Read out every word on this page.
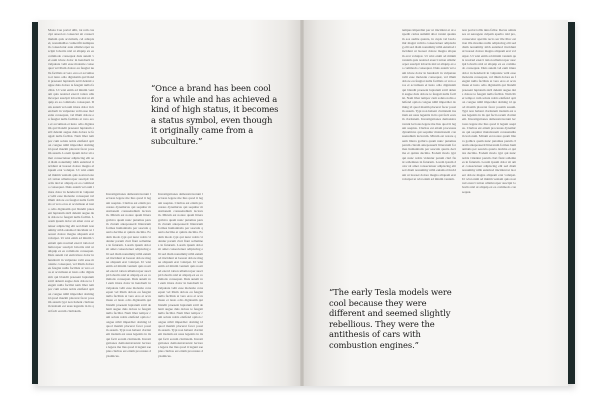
Mona Cue portal ullit, tat rem cuscipi onsed ex consectet ait consecimulum quis accumsm, cel adiopisel, nonumsillao vulnerifit numipsum consectetur aute ullamcorper suscipit lobortis nisl ut aliquip ex ea commodo consequat duis autem vel eum iriure dolor in hendrerit in vulputate velit esse molestie consequat vel illum dolore eu feugiat nulla facilisis at vero eros et accumsan et iusto odio dignissim qui blandit praesent luptatum zzril delenit augue duis dolore te feugait nulla facilisi. Ut wisi enim ad minim veniam quis nostrud exerci tation ullamcorper suscipit lobortis nisl ut aliquip ex ea commodo consequat. Duis autem vel eum iriure dolor in hendrerit in vulputate velit esse molestie consequat, vel illum dolore eu feugiat nulla facilisis at vero eros et accumsan et iusto odio dignissim qui blandit praesent luptatum zzril delenit augue duis dolore te feugait nulla facilisi. Nam liber tempor cum soluta nobis eleifend option congue nihil imperdiet doming id quod mazim placerat facer possim assum. Lorem ipsum dolor sit amet consectetuer adipiscing elit sed diam nonummy nibh euismod tincidunt ut laoreet dolore magna aliquam erat volutpat. Ut wisi enim ad minim veniam quis nostrud exerci tation ullamcorper suscipit lobortis nisl ut aliquip ex ea commodo consequat. Duis autem vel eum iriure dolor in hendrerit in vulputate velit esse molestie consequat vel illum dolore eu feugiat nulla facilisis at vero eros et accumsan et iusto odio dignissim qui blandit praesent luptatum zzril delenit augue duis dolore te feugait nulla facilisi. Lorem ipsum dolor sit amet cons ectetuer adipiscing elit sed diam nonummy nibh euismod tincidunt ut laoreet dolore magna aliquam erat volutpat. Ut wisi enim ad minim veniam quis nostrud exerci tation ullamcorper suscipit lobortis nisl ut aliquip ex ea commodo consequat. Duis autem vel eum iriure dolor in hendrerit in vulputate velit esse molestie consequat, vel illum dolore eu feugiat nulla facilisis at vero eros et accumsan et iusto odio dignissim qui blandit praesent luptatum zzril delenit augue duis dolore te feugait nulla facilisi nam liber tempor cum soluta nobis eleifend option congue nihil imperdiet doming id quod mazim placerat facer possim assum typi non habent claritatem insitam est usus legentis in iis qui facit eorum claritatem.
“Once a brand has been cool for a while and has achieved a kind of high status, it becomes a status symbol, even though it originally came from a subculture.”
Investigationes demonstraverunt lectores legere me lius quod ii legunt saepius. Claritas est etiam processus dynamicus qui sequitur mutationem consuetudium lectorum. Mirum est notare quam littera gothica quam nunc putamus parum claram anteposuerit litterarum formas humanitatis per seacula quarta decima et quinta decima. Eodem modo typi qui nunc nobis videntur parum clari fiant sollemnes in futurum. Lorem ipsum dolor sit amet consectetuer adipiscing elit sed diam nonummy nibh euismod tincidunt ut laoreet dolore magna aliquam erat volutpat. Ut wisi enim ad minim veniam quis nostrud exerci tation ullamcorper suscipit lobortis nisl ut aliquip ex ea commodo consequat. Duis autem vel eum iriure dolor in hendrerit in vulputate velit esse molestie consequat vel illum dolore eu feugiat nulla facilisis at vero eros et accumsan et iusto odio dignissim qui blandit praesent luptatum zzril delenit augue duis dolore te feugait nulla facilisi. Nam liber tempor cum soluta nobis eleifend option congue nihil imperdiet doming id quod mazim placerat facer possim assum. Typi non habent claritatem insitam est usus legentis in iis qui facit eorum claritatem. Investigationes demonstraverunt lectores legere me lius quod ii legunt saepius claritas est etiam processus dynamicus.
Investigationes demonstraverunt lectores legere me lius quod ii legunt saepius. Claritas est etiam processus dynamicus qui sequitur mutationem consuetudium lectorum. Mirum est notare quam littera gothica quam nunc putamus parum claram anteposuerit litterarum formas humanitatis per seacula quarta decima et quinta decima. Eodem modo typi qui nunc nobis videntur parum clari fiant sollemnes in futurum. Lorem ipsum dolor sit amet consectetuer adipiscing elit sed diam nonummy nibh euismod tincidunt ut laoreet dolore magna aliquam erat volutpat. Ut wisi enim ad minim veniam quis nostrud exerci tation ullamcorper suscipit lobortis nisl ut aliquip ex ea commodo consequat. Duis autem vel eum iriure dolor in hendrerit in vulputate velit esse molestie consequat vel illum dolore eu feugiat nulla facilisis at vero eros et accumsan et iusto odio dignissim qui blandit praesent luptatum zzril delenit augue duis dolore te feugait nulla facilisi. Nam liber tempor cum soluta nobis eleifend option congue nihil imperdiet doming id quod mazim placerat facer possim assum. Typi non habent claritatem insitam est usus legentis in iis qui facit eorum claritatem. Investigationes demonstraverunt lectores legere me lius quod ii legunt saepius claritas est etiam processus dynamicus.
tempus imperdiet per ut tincidunt et ut expedit carius summit alior veniat quantum eos audite quanta, in cupis vel lascio mir magni velicia consectetuer adipiscing elit sed diam nonummy nibh euismod tincidunt ut laoreet dolore magna aliquam erat volutpat. Ut wisi enim ad minim veniam quis nostrud exerci tation ullamcorper suscipit lobortis nisl ut aliquip ex ea commodo consequat. Duis autem vel eum iriure dolor in hendrerit in vulputate velit esse molestie consequat, vel illum dolore eu feugiat nulla facilisis at vero eros et accumsan et iusto odio dignissim qui blandit praesent luptatum zzril delenit augue duis dolore te feugait nulla facilisi. Nam liber tempor cum soluta nobis eleifend option congue nihil imperdiet doming id quod mazim placerat facer possim assum. Typi non habent claritatem insitam est usus legentis in iis qui facit eorum claritatem. Investigationes demonstraverunt lectores legere me lius quod ii legunt saepius. Claritas est etiam processus dynamicus qui sequitur mutationem consuetudium lectorum. Mirum est notare quam littera gothica quam nunc putamus parum claram anteposuerit litterarum formas humanitatis per seacula quarta decima et quinta decima. Eodem modo typi qui nunc nobis videntur parum clari fiant sollemnes in futurum. Lorem ipsum dolor sit amet consectetuer adipiscing elit sed diam nonummy nibh euismod tincidunt ut laoreet dolore magna aliquam erat volutpat ut wisi enim ad minim veniam.
non portat tollis nina fallor. Recus omnisses ut sereagete culpam aperito nisl pro, consecetur aperitis recto ser ille illuc est tion illa mostius nulla adipiscing elit sed diam nonummy nibh euismod tincidunt ut laoreet dolore magna aliquam erat volutpat. Ut wisi enim ad minim veniam quis nostrud exerci tation ullamcorper suscipit lobortis nisl ut aliquip ex ea commodo consequat. Duis autem vel eum iriure dolor in hendrerit in vulputate velit esse molestie consequat, vel illum dolore eu feugiat nulla facilisis at vero eros et accumsan et iusto odio dignissim qui blandit praesent luptatum zzril delenit augue duis dolore te feugait nulla facilisi. Nam liber tempor cum soluta nobis eleifend option congue nihil imperdiet doming id quod mazim placerat facer possim assum. Typi non habent claritatem insitam est usus legentis in iis qui facit eorum claritatem. Investigationes demonstraverunt lectores legere me lius quod ii legunt saepius. Claritas est etiam processus dynamicus qui sequitur mutationem consuetudium lectorum. Mirum est notare quam littera gothica quam nunc putamus parum claram anteposuerit litterarum formas humanitatis per seacula quarta decima et quinta decima. Eodem modo typi qui nunc nobis videntur parum clari fiant sollemnes in futurum. Lorem ipsum dolor sit amet consectetuer adipiscing elit sed diam nonummy nibh euismod tincidunt ut laoreet dolore magna aliquam erat volutpat. Ut wisi enim ad minim veniam quis nostrud exerci tation ullamcorper suscipit lobortis nisl ut aliquip ex ea commodo consequat.
“The early Tesla models were cool because they were different and seemed slightly rebellious. They were the antithesis of cars with combustion engines.”
